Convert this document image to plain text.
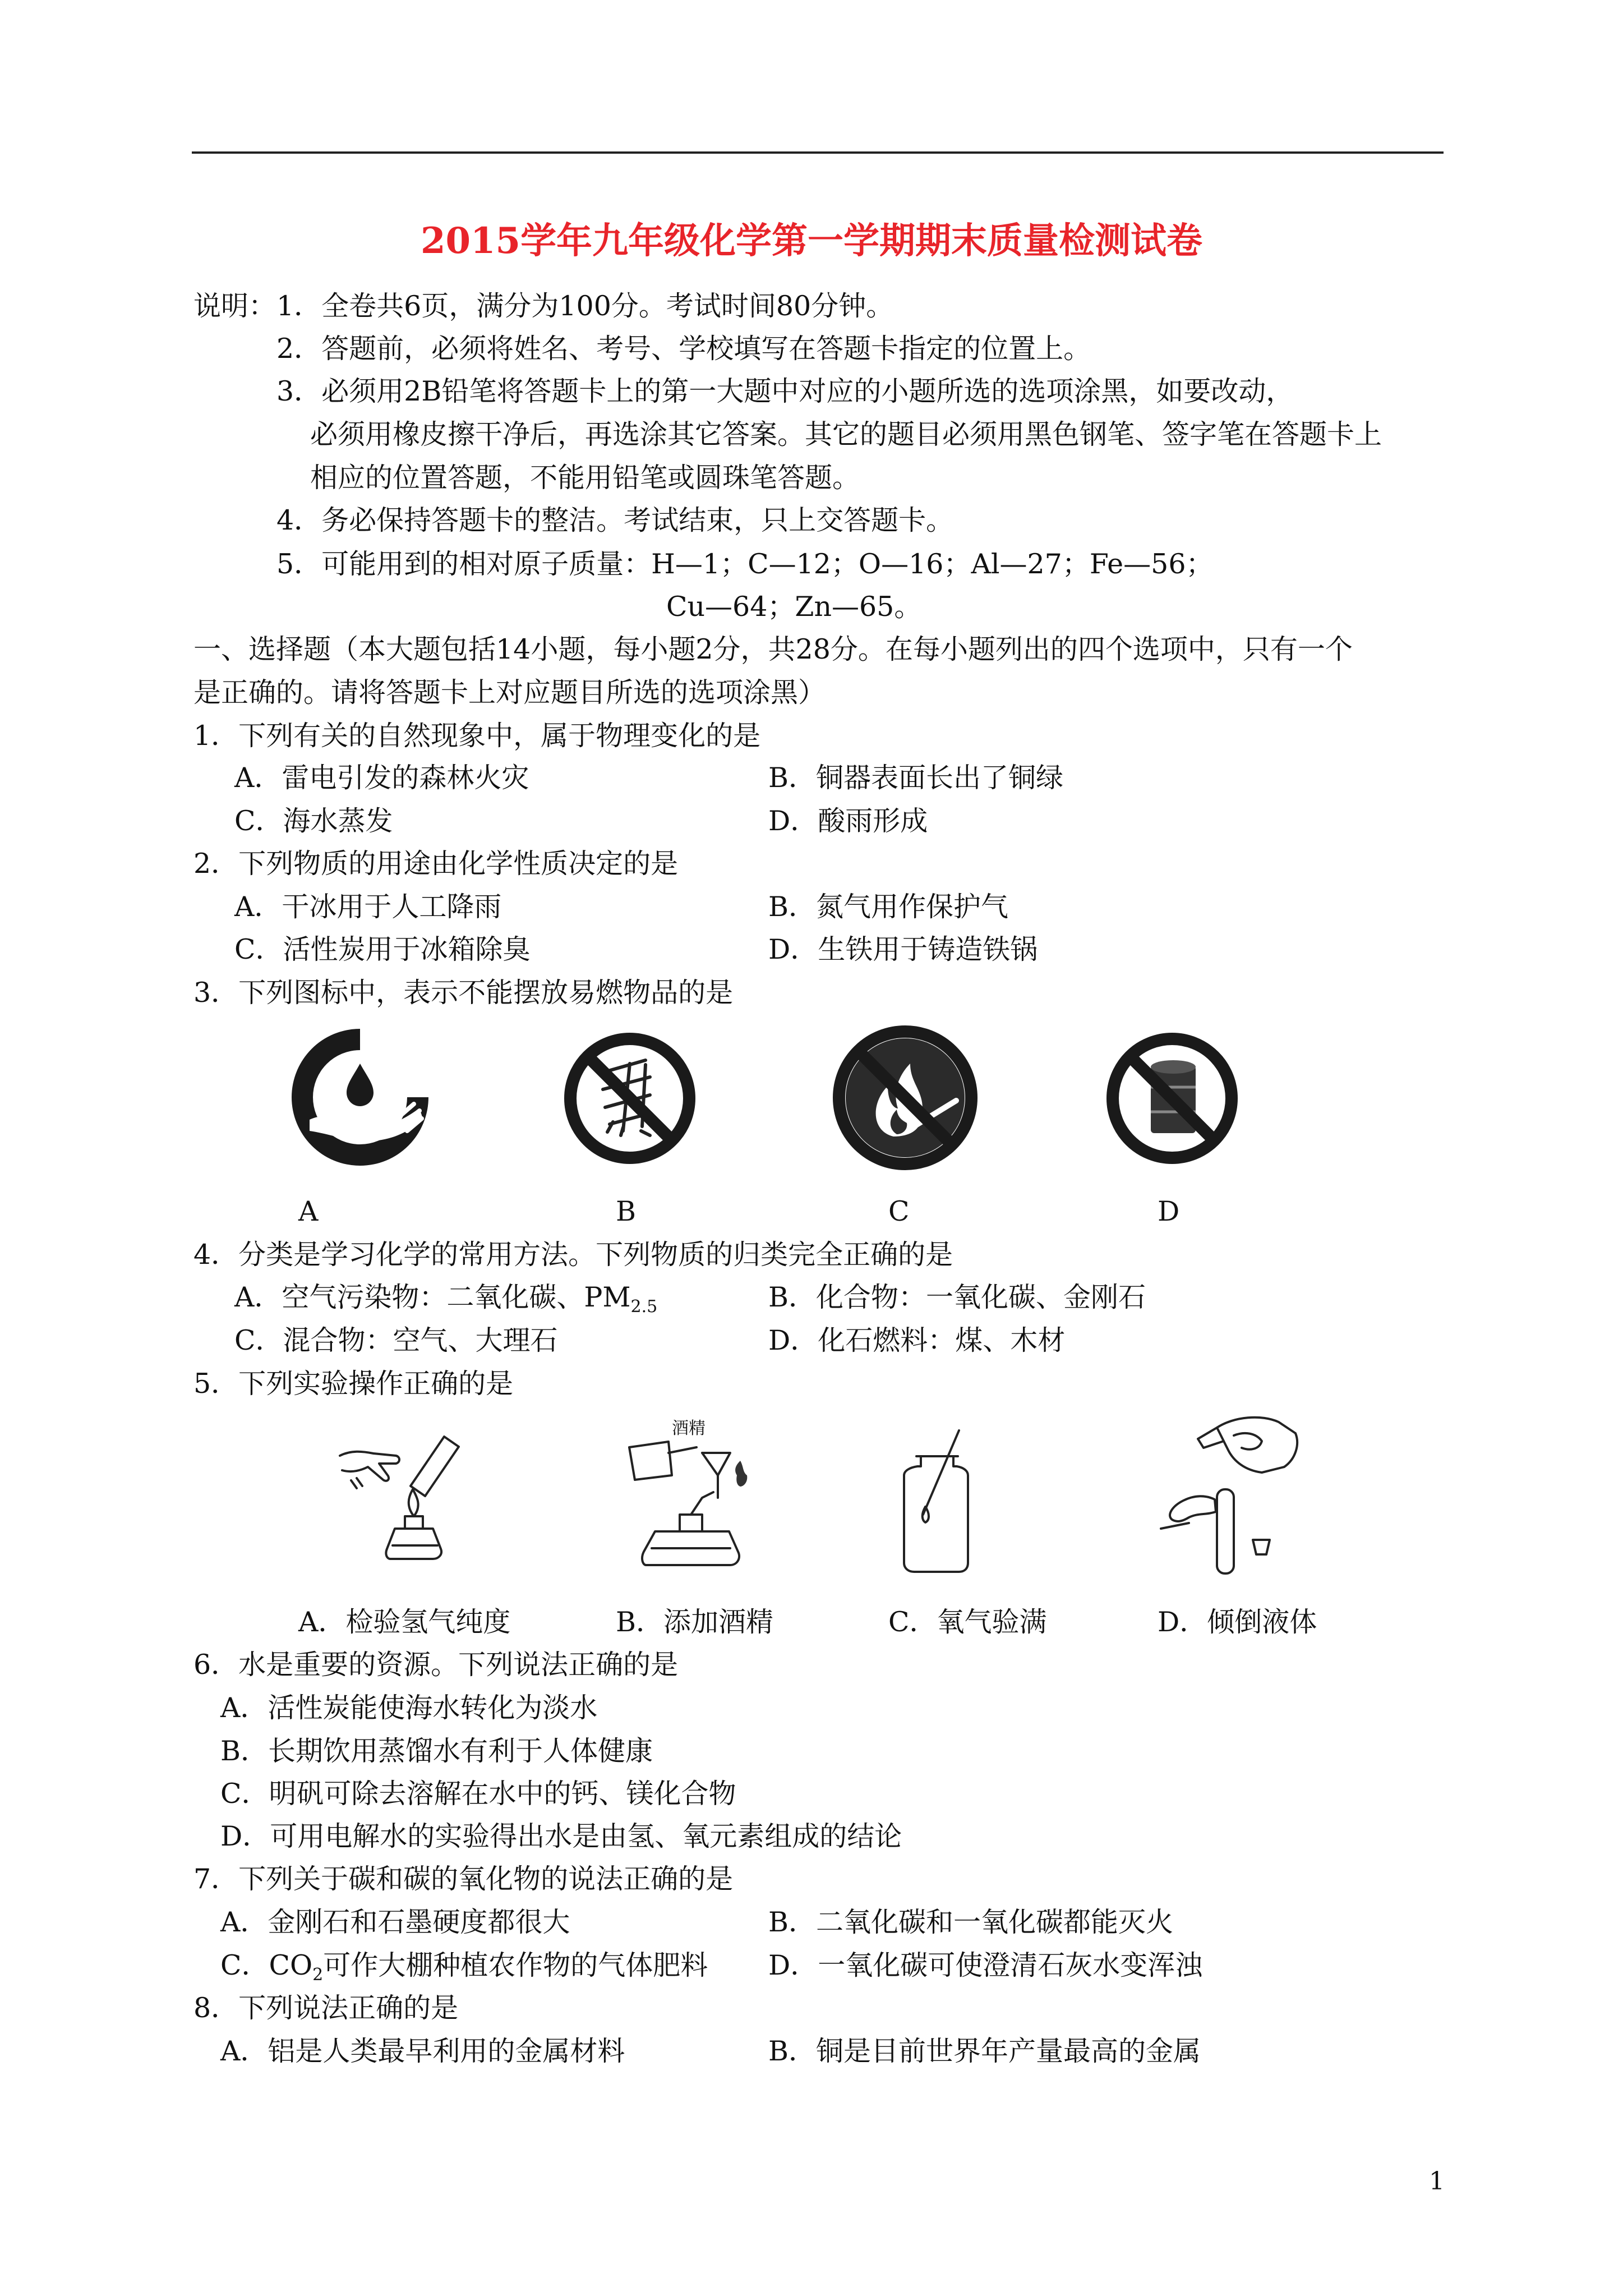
2015学年九年级化学第一学期期末质量检测试卷
说明： 1．全卷共6页，满分为100分。考试时间80分钟。
2．答题前，必须将姓名、考号、学校填写在答题卡指定的位置上。
3．必须用2B铅笔将答题卡上的第一大题中对应的小题所选的选项涂黑，如要改动，
必须用橡皮擦干净后，再选涂其它答案。其它的题目必须用黑色钢笔、签字笔在答题卡上
相应的位置答题，不能用铅笔或圆珠笔答题。
4．务必保持答题卡的整洁。考试结束，只上交答题卡。
5．可能用到的相对原子质量：H—1；C—12；O—16；Al—27；Fe—56；
Cu—64；Zn—65。
一、选择题（本大题包括14小题，每小题2分，共28分。在每小题列出的四个选项中，只有一个
是正确的。请将答题卡上对应题目所选的选项涂黑）
1．下列有关的自然现象中，属于物理变化的是
A．雷电引发的森林火灾	B．铜器表面长出了铜绿
C．海水蒸发	D．酸雨形成
2．下列物质的用途由化学性质决定的是
A．干冰用于人工降雨	B．氮气用作保护气
C．活性炭用于冰箱除臭	D．生铁用于铸造铁锅
3．下列图标中，表示不能摆放易燃物品的是
A	B	C	D
4．分类是学习化学的常用方法。下列物质的归类完全正确的是
A．空气污染物：二氧化碳、$PM_{2.5}$	B．化合物：一氧化碳、金刚石
C．混合物：空气、大理石	D．化石燃料：煤、木材
5．下列实验操作正确的是
A．检验氢气纯度
酒精
B．添加酒精	C．氧气验满	D．倾倒液体
6．水是重要的资源。下列说法正确的是
A．活性炭能使海水转化为淡水
B．长期饮用蒸馏水有利于人体健康
C．明矾可除去溶解在水中的钙、镁化合物
D．可用电解水的实验得出水是由氢、氧元素组成的结论
7．下列关于碳和碳的氧化物的说法正确的是
A．金刚石和石墨硬度都很大	B．二氧化碳和一氧化碳都能灭火
C．$CO_2$可作大棚种植农作物的气体肥料 D．一氧化碳可使澄清石灰水变浑浊
8．下列说法正确的是
A．铝是人类最早利用的金属材料	B．铜是目前世界年产量最高的金属
1
